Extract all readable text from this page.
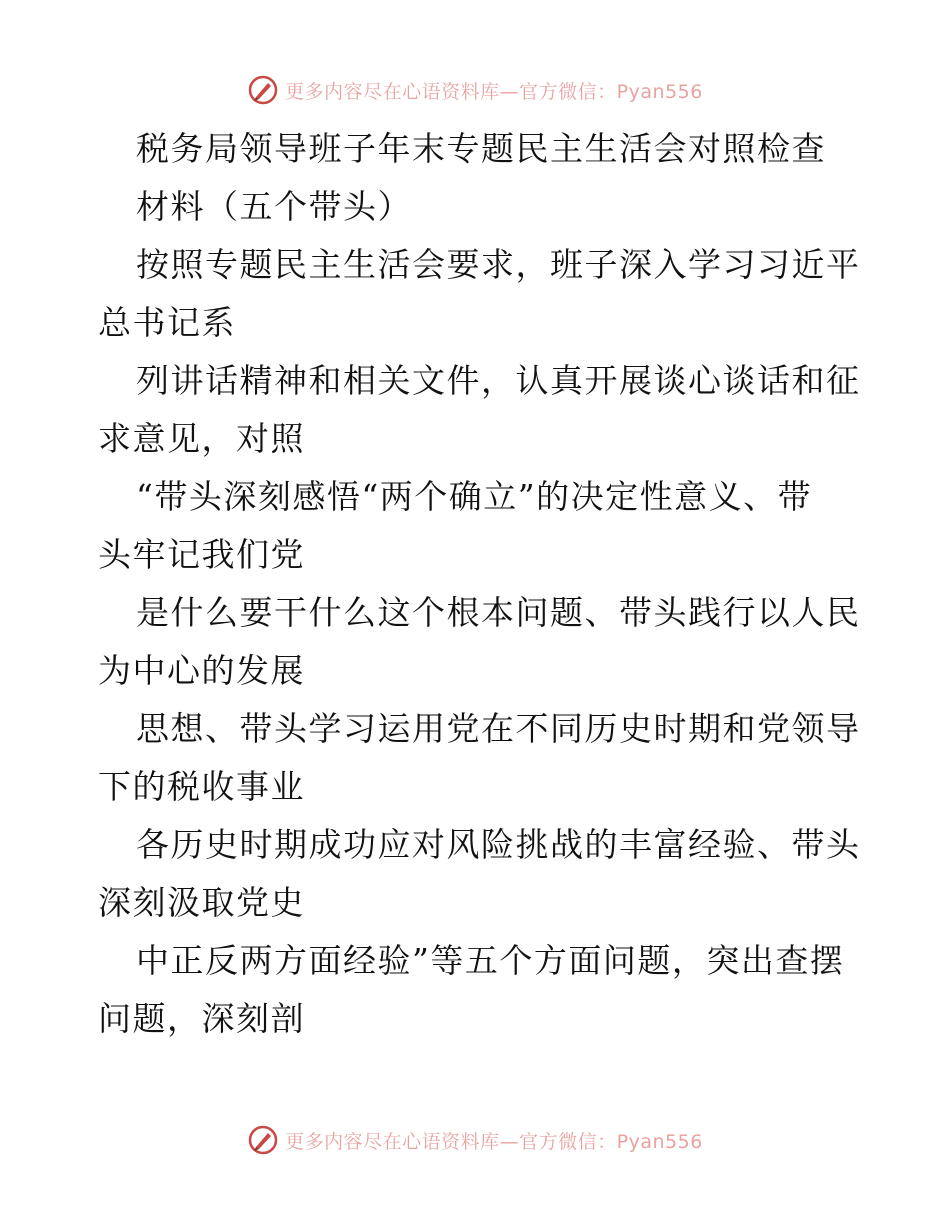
更多内容尽在心语资料库—官方微信：Pyan556

税务局领导班子年末专题民主生活会对照检查

材料（五个带头）

按照专题民主生活会要求，班子深入学习习近平

总书记系

列讲话精神和相关文件，认真开展谈心谈话和征

求意见，对照

“带头深刻感悟“两个确立”的决定性意义、带

头牢记我们党

是什么要干什么这个根本问题、带头践行以人民

为中心的发展

思想、带头学习运用党在不同历史时期和党领导

下的税收事业

各历史时期成功应对风险挑战的丰富经验、带头

深刻汲取党史

中正反两方面经验”等五个方面问题，突出查摆

问题，深刻剖

更多内容尽在心语资料库—官方微信：Pyan556
